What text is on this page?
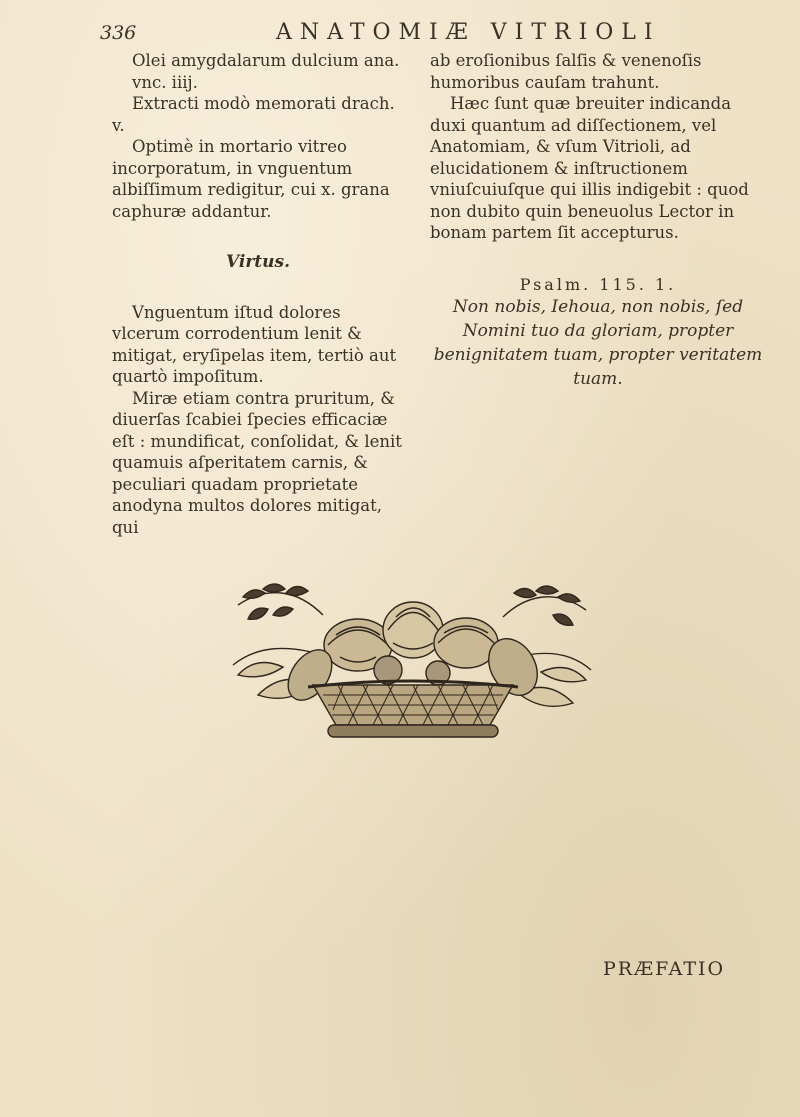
336	ANATOMIÆ VITRIOLI

Olei amygdalarum dulcium ana.

vnc. iiij.

Extracti modò memorati drach. v.

Optimè in mortario vitreo incorporatum, in vnguentum albiſſimum redigitur, cui x. grana caphuræ addantur.

Virtus.

Vnguentum iſtud dolores vlcerum corrodentium lenit & mitigat, eryſipelas item, tertiò aut quartò impoſitum.

Miræ etiam contra pruritum, & diuerſas ſcabiei ſpecies efficaciæ eſt : mundificat, conſolidat, & lenit quamuis aſperitatem carnis, & peculiari quadam proprietate anodyna multos dolores mitigat, qui

ab eroſionibus ſalſis & venenoſis humoribus cauſam trahunt.

Hæc ſunt quæ breuiter indicanda duxi quantum ad diſſectionem, vel Anatomiam, & vſum Vitrioli, ad elucidationem & inſtructionem vniuſcuiuſque qui illis indigebit : quod non dubito quin beneuolus Lector in bonam partem ſit accepturus.

Psalm. 115. 1.

Non nobis, Iehoua, non nobis, ſed Nomini tuo da gloriam, propter benignitatem tuam, propter veritatem tuam.

PRÆFATIO
